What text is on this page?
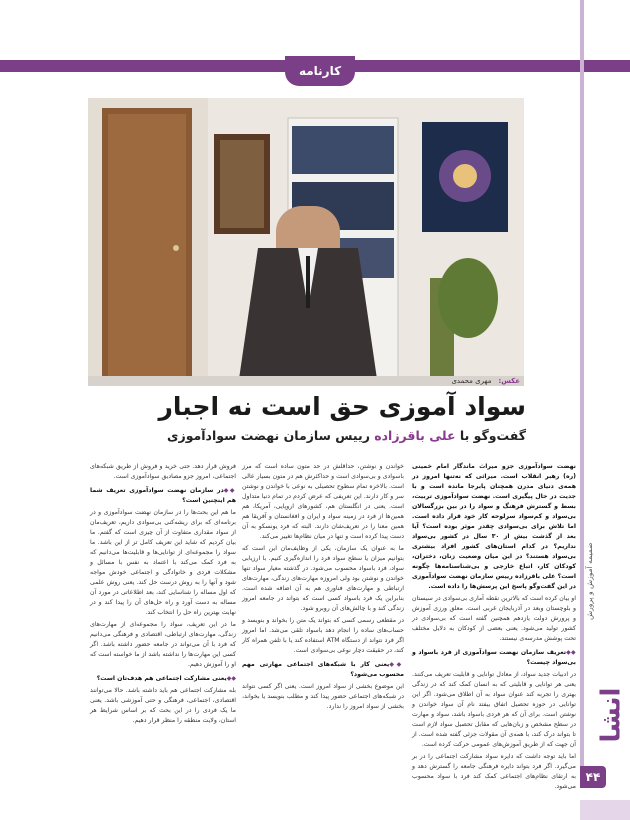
کارنامه
عکس:مهری محمدی
سواد آموزی حق است نه اجبار
گفت‌وگو با علی باقرزاده رییس سازمان نهضت سوادآموزی

نهضت سوادآموزی جزو میراث ماندگار امام خمینی (ره) رهبر انقلاب است. میراثی که نه‌تنها امروز در همه‌ی دنیای مدرن همچنان پابرجا مانده است و با جدیت در حال پیگیری است. نهضت سوادآموزی تربیت، بسط و گسترش فرهنگ و سواد را در بین بزرگسالان بی‌سواد و کم‌سواد سرلوحه کار خود قرار داده است. اما تلاش برای بی‌سوادی چقدر موثر بوده است؟ آیا بعد از گذشت بیش از ۳۰ سال در کشور بی‌سواد نداریم؟ در کدام استان‌های کشور افراد بیشتری بی‌سواد هستند؟ در این میان وضعیت زنان، دختران، کودکان کار، اتباع خارجی و بی‌شناسنامه‌ها چگونه است؟ علی باقرزاده رییس سازمان نهضت سوادآموزی در این گفت‌وگو پاسخ این پرسش‌ها را داده است.

او بیان کرده است که بالاترین نقطه آماری بی‌سوادی در سیستان و بلوچستان وبعد در آذربایجان غربی است. معلق ورزی آموزش و پرورش دولت یازدهم همچنین گفته است که بی‌سوادی در کشور تولید می‌شود. یعنی بعضی از کودکان به دلایل مختلف تحت پوشش مدرسه‌ی نیستند.

◆◆ تعریف سازمان نهضت سوادآموزی از فرد باسواد و بی‌سواد چیست؟

در ادبیات جدید سواد، از معادل توانایی و قابلیت تعریف می‌کنند. یعنی هر توانایی و قابلیتی که به انسان کمک کند که در زندگی بهتری را تجربه کند عنوان سواد به آن اطلاق می‌شود. اگر این توانایی در حوزه تحصیل اتفاق بیفتد نام آن سواد خواندن و نوشتن است. برای آن که هر فردی باسواد باشد، سواد و مهارت در سطح مشخص و زبان‌هایی که مقابل تحصیل سواد لازم است تا بتواند درک کند، با همه‌ی آن مقولات جزئی گفته شده است. از آن جهت که از طریق آموزش‌های عمومی حرکت کرده است.

اما باید توجه داشت که دایره سواد مشارکت اجتماعی را در بر می‌گیرد. اگر فرد بتواند دایره فرهنگی جامعه را گسترش دهد و به ارتقای نظام‌های اجتماعی کمک کند فرد با سواد محسوب می‌شود.

خواندن و نوشتن، حداقلش در حد متون ساده است که مرز باسوادی و بی‌سوادی است و حداکثرش هم در متون بسیار عالی است. بالاخره تمام سطوح تحصیلی به نوعی با خواندن و نوشتن سر و کار دارند. این تعریفی که عرض کردم در تمام دنیا متداول است. یعنی در انگلستان هم، کشورهای اروپایی، آمریکا، هم همین‌ها از فرد در زمینه سواد و ایران و افغانستان و آفریقا هم همین معنا را در تعریف‌شان دارند. البته که فرد یونسکو به آن دست پیدا کرده است و تنها در میان نظام‌ها تغییر می‌کند.

ما به عنوان یک سازمان، یکی از وظایف‌مان این است که بتوانیم میزان یا سطح سواد فرد را اندازه‌گیری کنیم. با ارزیابی سواد، فرد باسواد محسوب می‌شود. در گذشته معیار سواد تنها خواندن و نوشتن بود ولی امروزه مهارت‌های زندگی، مهارت‌های ارتباطی و مهارت‌های فناوری هم به آن اضافه شده است. بنابراین یک فرد باسواد کسی است که بتواند در جامعه امروز زندگی کند و با چالش‌های آن روبرو شود.

در مقطعی رسمی کسی که بتواند یک متن را بخواند و بنویسد و حساب‌های ساده را انجام دهد باسواد تلقی می‌شد. اما امروز اگر فرد نتواند از دستگاه ATM استفاده کند یا با تلفن همراه کار کند، در حقیقت دچار نوعی بی‌سوادی است.

◆◆ یعنی کار با شبکه‌های اجتماعی مهارتی مهم محسوب می‌شود؟

این موضوع بخشی از سواد امروز است. یعنی اگر کسی نتواند در شبکه‌های اجتماعی حضور پیدا کند و مطلب بنویسد یا بخواند، بخشی از سواد امروز را ندارد.

فروش قرار دهد. حتی خرید و فروش از طریق شبکه‌های اجتماعی، امروز جزو مصادیق سوادآموزی است.

◆◆ در سازمان نهضت سوادآموزی تعریف شما هم اینچنین است؟

ما هم این بحث‌ها را در سازمان نهضت سوادآموزی و در برنامه‌ای که برای ریشه‌کنی بی‌سوادی داریم، تعریف‌مان از سواد مقداری متفاوت از آن چیزی است که گفتم. ما بیان کردیم که شاید این تعریف کامل تر از این باشد. ما سواد را مجموعه‌ای از توانایی‌ها و قابلیت‌ها می‌دانیم که به فرد کمک می‌کند با اعتماد به نفس با مسائل و مشکلات فردی و خانوادگی و اجتماعی خودش مواجه شود و آنها را به روش درست حل کند. یعنی روش علمی که اول مساله را شناسایی کند، بعد اطلاعاتی در مورد آن مساله به دست آورد و راه حل‌های آن را پیدا کند و در نهایت بهترین راه حل را انتخاب کند.

ما در این تعریف، سواد را مجموعه‌ای از مهارت‌های زندگی، مهارت‌های ارتباطی، اقتصادی و فرهنگی می‌دانیم که فرد با آن می‌تواند در جامعه حضور داشته باشد. اگر کسی این مهارت‌ها را نداشته باشد از ما خواسته است که او را آموزش دهیم.

◆◆ یعنی مشارکت اجتماعی هم هدف‌تان است؟

بله مشارکت اجتماعی هم باید داشته باشد. حالا می‌توانند اقتصادی، اجتماعی، فرهنگی و حتی آموزشی باشد. یعنی ما یک فردی را در این بحث که بر اساس شرایط هر استان، ولایت منطقه را منظر قرار دهیم.

ضمیمه آموزش و پرورش
انشا
۴۴
